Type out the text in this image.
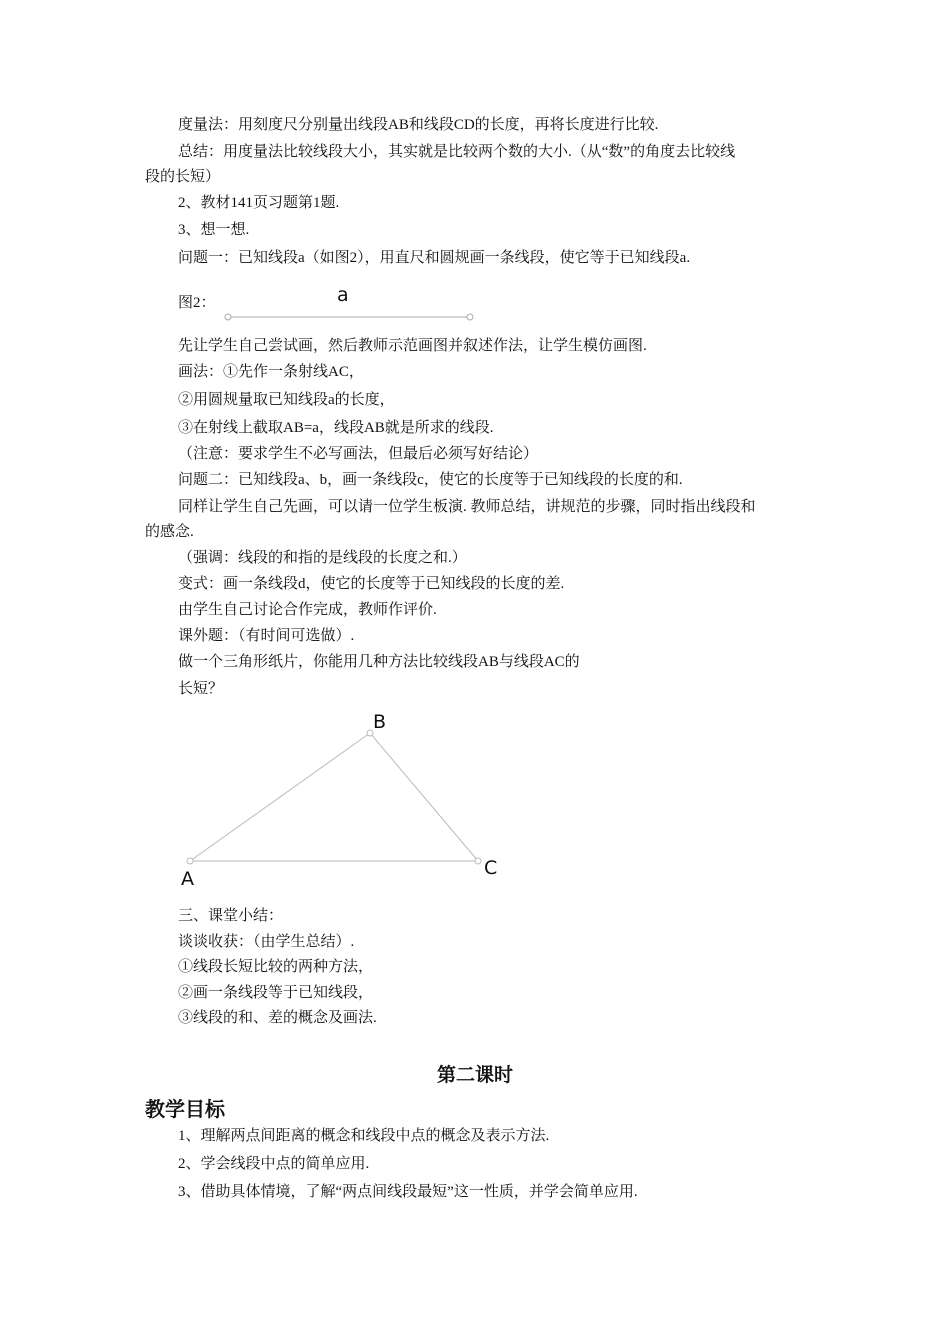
度量法：用刻度尺分别量出线段AB和线段CD的长度，再将长度进行比较.
总结：用度量法比较线段大小，其实就是比较两个数的大小.（从“数”的角度去比较线
段的长短）
2、教材141页习题第1题.
3、想一想.
问题一：已知线段a（如图2），用直尺和圆规画一条线段，使它等于已知线段a.
图2：	a
先让学生自己尝试画，然后教师示范画图并叙述作法，让学生模仿画图.
画法：①先作一条射线AC，
②用圆规量取已知线段a的长度，
③在射线上截取AB=a，线段AB就是所求的线段.
（注意：要求学生不必写画法，但最后必须写好结论）
问题二：已知线段a、b，画一条线段c，使它的长度等于已知线段的长度的和.
同样让学生自己先画，可以请一位学生板演. 教师总结，讲规范的步骤，同时指出线段和
的感念.
（强调：线段的和指的是线段的长度之和.）
变式：画一条线段d，使它的长度等于已知线段的长度的差.
由学生自己讨论合作完成，教师作评价.
课外题：（有时间可选做）.
做一个三角形纸片，你能用几种方法比较线段AB与线段AC的
长短？
B
A	C
三、课堂小结：
谈谈收获：（由学生总结）.
①线段长短比较的两种方法，
②画一条线段等于已知线段，
③线段的和、差的概念及画法.
第二课时
教学目标
1、理解两点间距离的概念和线段中点的概念及表示方法.
2、学会线段中点的简单应用.
3、借助具体情境，了解“两点间线段最短”这一性质，并学会简单应用.
